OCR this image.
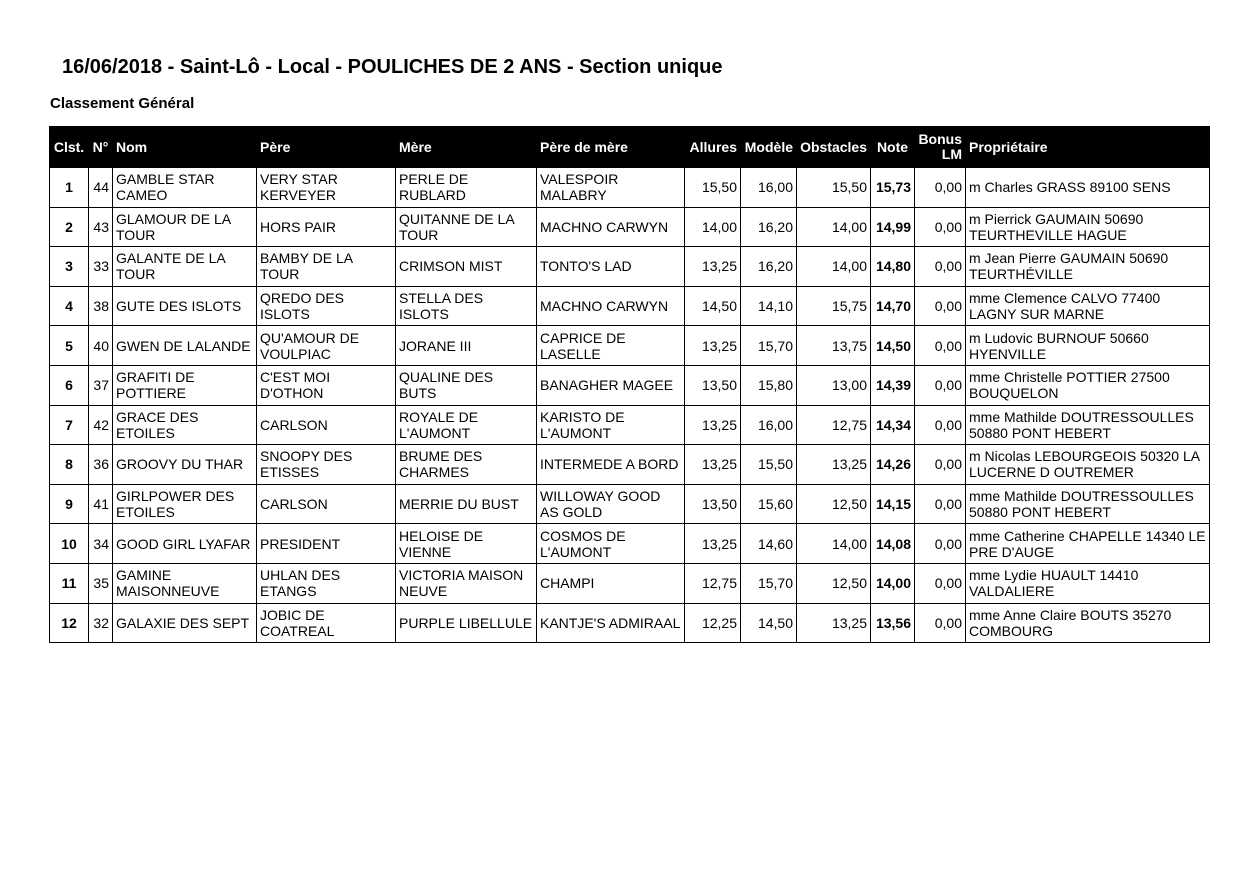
16/06/2018 - Saint-Lô - Local - POULICHES DE 2 ANS - Section unique
Classement Général
Clst.	N°	Nom	Père	Mère	Père de mère	Allures	Modèle	Obstacles	Note	Bonus LM	Propriétaire
1	44	GAMBLE STAR CAMEO	VERY STAR KERVEYER	PERLE DE RUBLARD	VALESPOIR MALABRY	15,50	16,00	15,50	15,73	0,00	m Charles GRASS 89100 SENS
2	43	GLAMOUR DE LA TOUR	HORS PAIR	QUITANNE DE LA TOUR	MACHNO CARWYN	14,00	16,20	14,00	14,99	0,00	m Pierrick GAUMAIN 50690 TEURTHEVILLE HAGUE
3	33	GALANTE DE LA TOUR	BAMBY DE LA TOUR	CRIMSON MIST	TONTO'S LAD	13,25	16,20	14,00	14,80	0,00	m Jean Pierre GAUMAIN 50690 TEURTHÉVILLE
4	38	GUTE DES ISLOTS	QREDO DES ISLOTS	STELLA DES ISLOTS	MACHNO CARWYN	14,50	14,10	15,75	14,70	0,00	mme Clemence CALVO 77400 LAGNY SUR MARNE
5	40	GWEN DE LALANDE	QU'AMOUR DE VOULPIAC	JORANE III	CAPRICE DE LASELLE	13,25	15,70	13,75	14,50	0,00	m Ludovic BURNOUF 50660 HYENVILLE
6	37	GRAFITI DE POTTIERE	C'EST MOI D'OTHON	QUALINE DES BUTS	BANAGHER MAGEE	13,50	15,80	13,00	14,39	0,00	mme Christelle POTTIER 27500 BOUQUELON
7	42	GRACE DES ETOILES	CARLSON	ROYALE DE L'AUMONT	KARISTO DE L'AUMONT	13,25	16,00	12,75	14,34	0,00	mme Mathilde DOUTRESSOULLES 50880 PONT HEBERT
8	36	GROOVY DU THAR	SNOOPY DES ETISSES	BRUME DES CHARMES	INTERMEDE A BORD	13,25	15,50	13,25	14,26	0,00	m Nicolas LEBOURGEOIS 50320 LA LUCERNE D OUTREMER
9	41	GIRLPOWER DES ETOILES	CARLSON	MERRIE DU BUST	WILLOWAY GOOD AS GOLD	13,50	15,60	12,50	14,15	0,00	mme Mathilde DOUTRESSOULLES 50880 PONT HEBERT
10	34	GOOD GIRL LYAFAR	PRESIDENT	HELOISE DE VIENNE	COSMOS DE L'AUMONT	13,25	14,60	14,00	14,08	0,00	mme Catherine CHAPELLE 14340 LE PRE D'AUGE
11	35	GAMINE MAISONNEUVE	UHLAN DES ETANGS	VICTORIA MAISON NEUVE	CHAMPI	12,75	15,70	12,50	14,00	0,00	mme Lydie HUAULT 14410 VALDALIERE
12	32	GALAXIE DES SEPT	JOBIC DE COATREAL	PURPLE LIBELLULE	KANTJE'S ADMIRAAL	12,25	14,50	13,25	13,56	0,00	mme Anne Claire BOUTS 35270 COMBOURG
